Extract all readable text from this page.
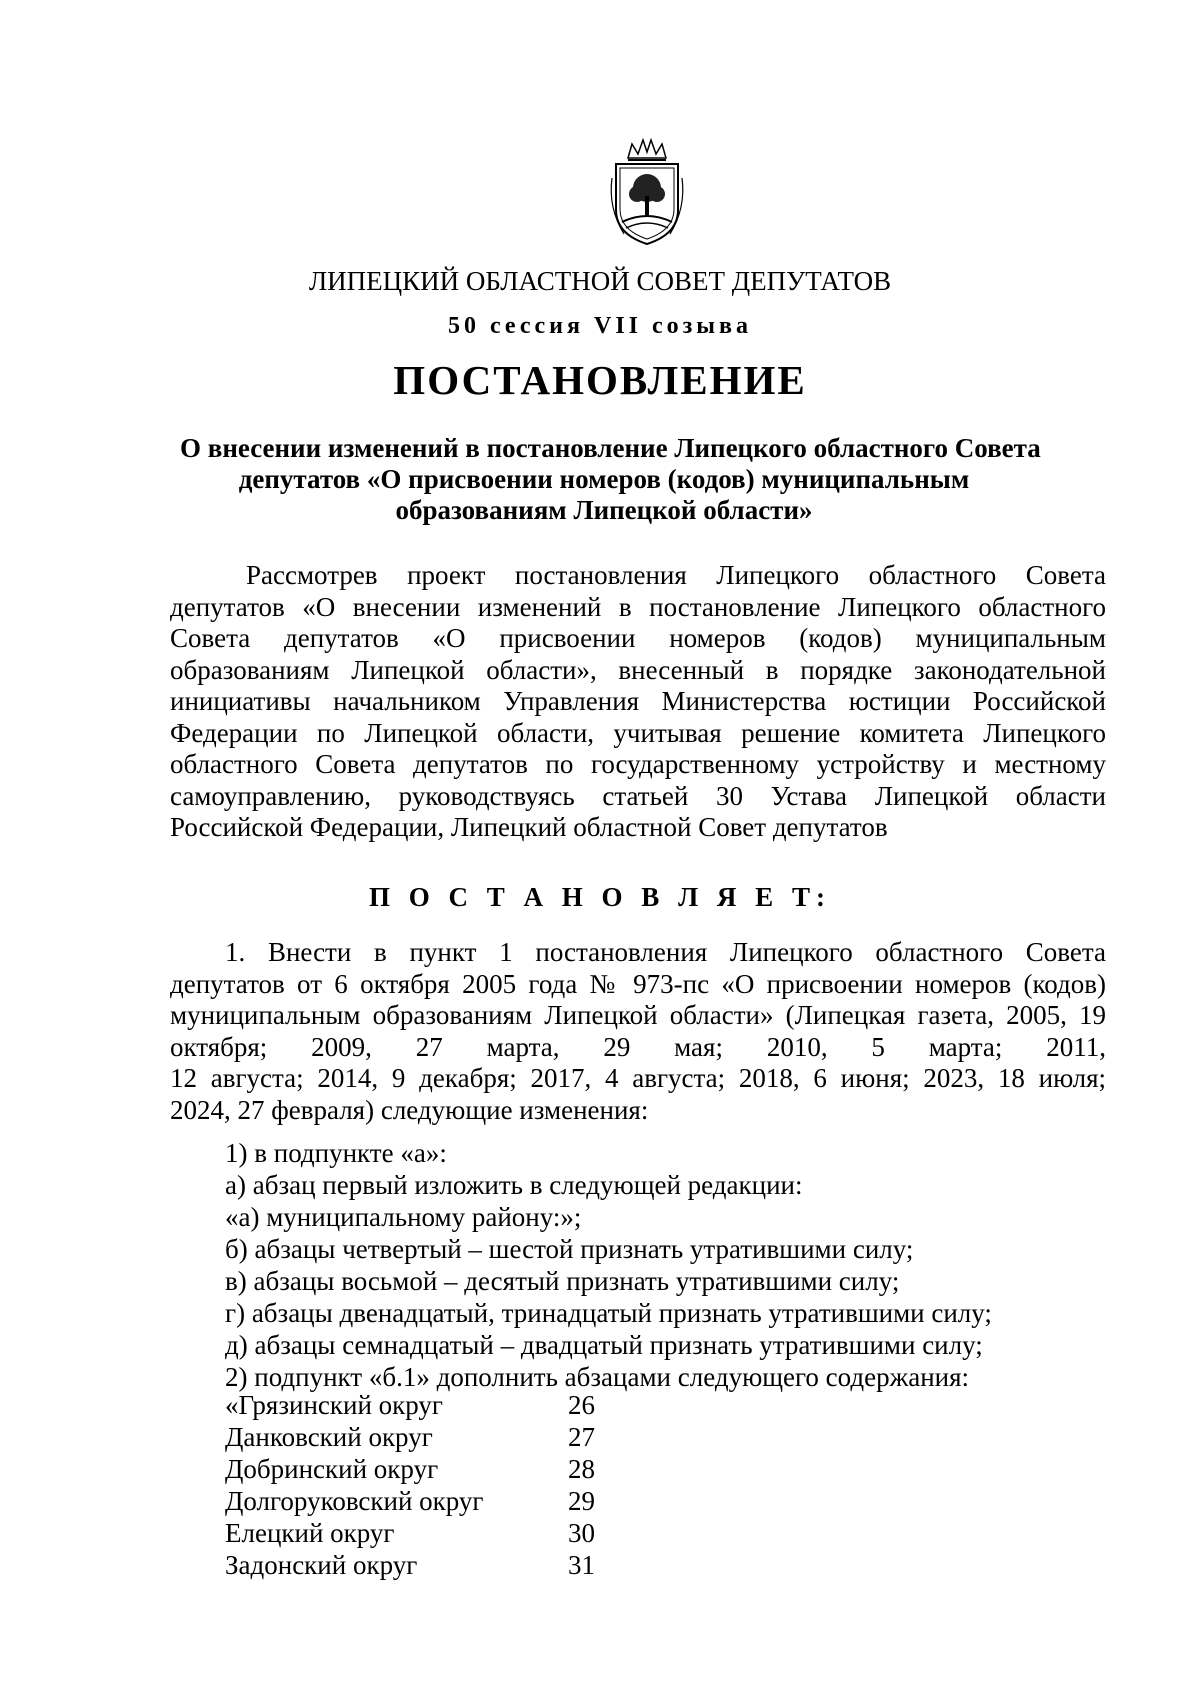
ЛИПЕЦКИЙ ОБЛАСТНОЙ СОВЕТ ДЕПУТАТОВ
50 сессия VII созыва
ПОСТАНОВЛЕНИЕ
О внесении изменений в постановление Липецкого областного Совета
депутатов «О присвоении номеров (кодов) муниципальным
образованиям Липецкой области»
Рассмотрев проект постановления Липецкого областного Совета
депутатов «О внесении изменений в постановление Липецкого областного
Совета депутатов «О присвоении номеров (кодов) муниципальным
образованиям Липецкой области», внесенный в порядке законодательной
инициативы начальником Управления Министерства юстиции Российской
Федерации по Липецкой области, учитывая решение комитета Липецкого
областного Совета депутатов по государственному устройству и местному
самоуправлению, руководствуясь статьей 30 Устава Липецкой области
Российской Федерации, Липецкий областной Совет депутатов
П О С Т А Н О В Л Я Е Т:
1. Внести в пункт 1 постановления Липецкого областного Совета
депутатов от 6 октября 2005 года № 973-пс «О присвоении номеров (кодов)
муниципальным образованиям Липецкой области» (Липецкая газета, 2005, 19
октября; 2009, 27 марта, 29 мая; 2010, 5 марта; 2011,
12 августа; 2014, 9 декабря; 2017, 4 августа; 2018, 6 июня; 2023, 18 июля;
2024, 27 февраля) следующие изменения:
1) в подпункте «а»:
а) абзац первый изложить в следующей редакции:
«а) муниципальному району:»;
б) абзацы четвертый – шестой признать утратившими силу;
в) абзацы восьмой – десятый признать утратившими силу;
г) абзацы двенадцатый, тринадцатый признать утратившими силу;
д) абзацы семнадцатый – двадцатый признать утратившими силу;
2) подпункт «б.1» дополнить абзацами следующего содержания:
«Грязинский округ	26
Данковский округ	27
Добринский округ	28
Долгоруковский округ	29
Елецкий округ	30
Задонский округ	31
